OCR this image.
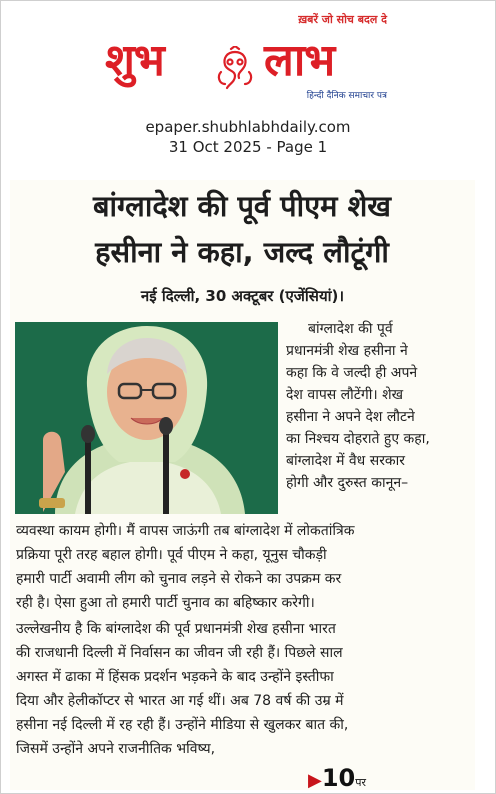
ख़बरें जो सोच बदल दे
शुभ लाभ
हिन्दी दैनिक समाचार पत्र
epaper.shubhlabhdaily.com
31 Oct 2025 - Page 1
बांग्लादेश की पूर्व पीएम शेख
हसीना ने कहा, जल्द लौटूंगी
नई दिल्ली, 30 अक्टूबर (एजेंसियां)।
बांग्लादेश की पूर्व
प्रधानमंत्री शेख हसीना ने
कहा कि वे जल्दी ही अपने
देश वापस लौटेंगी। शेख
हसीना ने अपने देश लौटने
का निश्चय दोहराते हुए कहा,
बांग्लादेश में वैध सरकार
होगी और दुरुस्त कानून–
व्यवस्था कायम होगी। मैं वापस जाऊंगी तब बांग्लादेश में लोकतांत्रिक
प्रक्रिया पूरी तरह बहाल होगी। पूर्व पीएम ने कहा, यूनुस चौकड़ी
हमारी पार्टी अवामी लीग को चुनाव लड़ने से रोकने का उपक्रम कर
रही है। ऐसा हुआ तो हमारी पार्टी चुनाव का बहिष्कार करेगी।
उल्लेखनीय है कि बांग्लादेश की पूर्व प्रधानमंत्री शेख हसीना भारत
की राजधानी दिल्ली में निर्वासन का जीवन जी रही हैं। पिछले साल
अगस्त में ढाका में हिंसक प्रदर्शन भड़कने के बाद उन्होंने इस्तीफा
दिया और हेलीकॉप्टर से भारत आ गई थीं। अब 78 वर्ष की उम्र में
हसीना नई दिल्ली में रह रही हैं। उन्होंने मीडिया से खुलकर बात की,
जिसमें उन्होंने अपने राजनीतिक भविष्य,
▶10पर
